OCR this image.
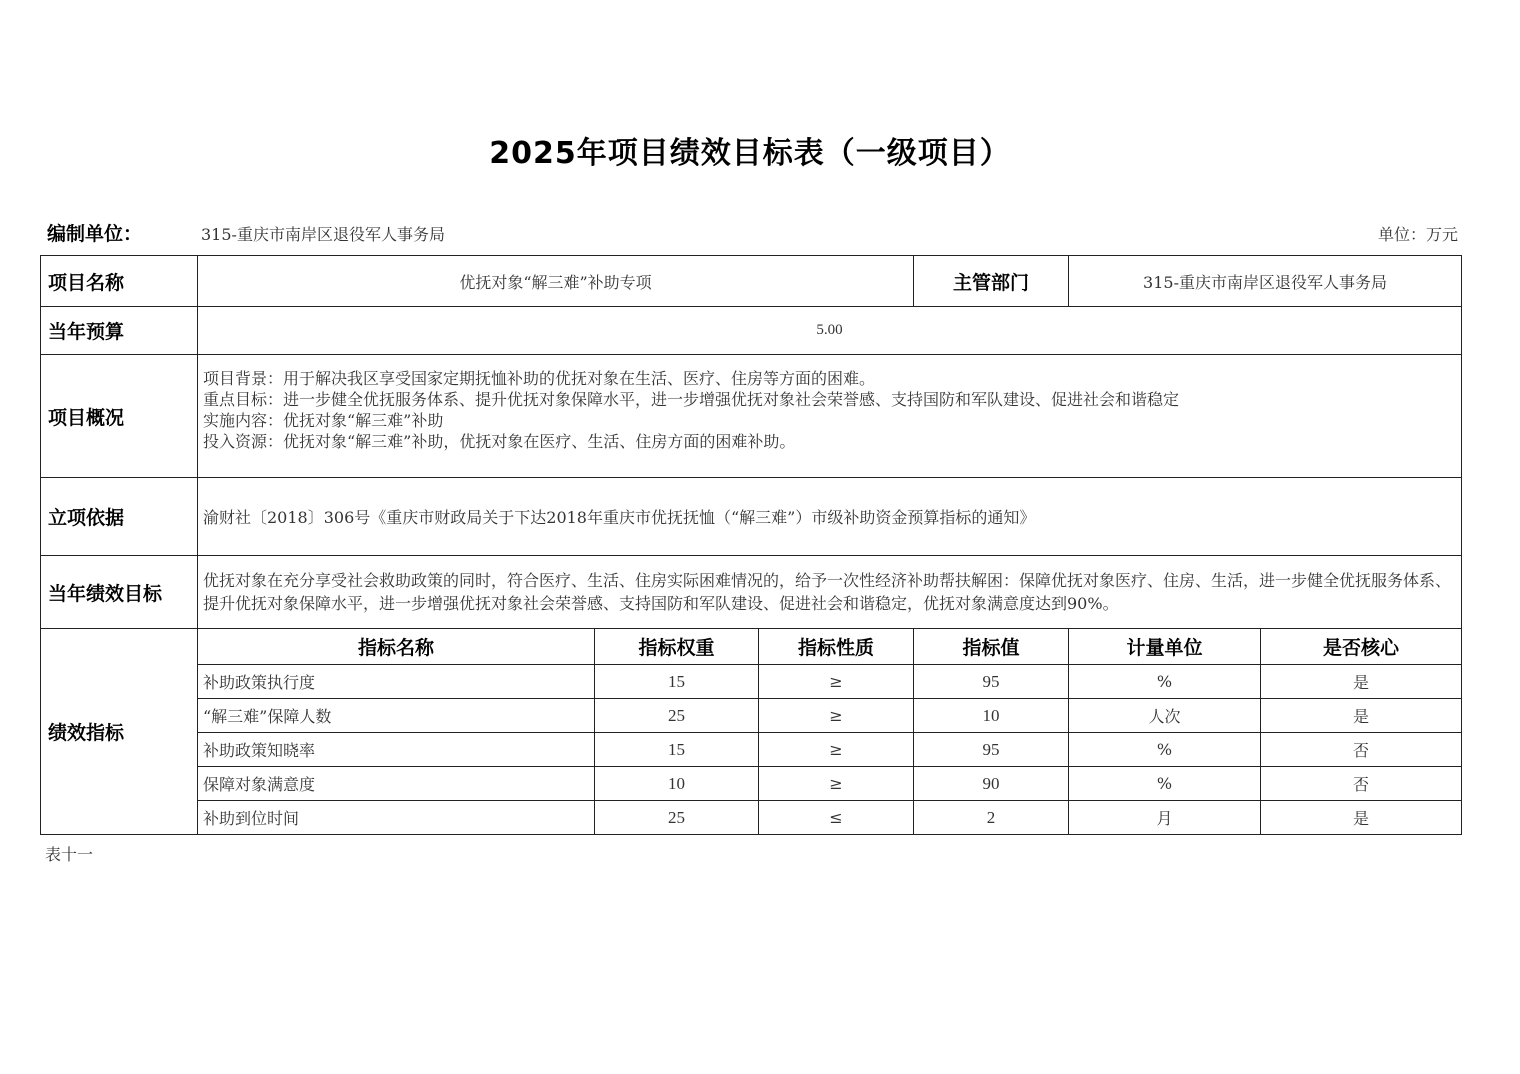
2025年项目绩效目标表（一级项目）
编制单位：	315-重庆市南岸区退役军人事务局	单位：万元
项目名称	优抚对象“解三难”补助专项			主管部门	315-重庆市南岸区退役军人事务局	
当年预算	5.00					
项目概况	项目背景：用于解决我区享受国家定期抚恤补助的优抚对象在生活、医疗、住房等方面的困难。
重点目标：进一步健全优抚服务体系、提升优抚对象保障水平，进一步增强优抚对象社会荣誉感、支持国防和军队建设、促进社会和谐稳定
实施内容：优抚对象“解三难”补助
投入资源：优抚对象“解三难”补助，优抚对象在医疗、生活、住房方面的困难补助。					

立项依据	渝财社〔2018〕306号《重庆市财政局关于下达2018年重庆市优抚抚恤（“解三难”）市级补助资金预算指标的通知》					
当年绩效目标	优抚对象在充分享受社会救助政策的同时，符合医疗、生活、住房实际困难情况的，给予一次性经济补助帮扶解困：保障优抚对象医疗、住房、生活，进一步健全优抚服务体系、提升优抚对象保障水平，进一步增强优抚对象社会荣誉感、支持国防和军队建设、促进社会和谐稳定，优抚对象满意度达到90%。					
绩效指标	指标名称	指标权重	指标性质	指标值	计量单位	是否核心
	补助政策执行度	15	≥	95	%	是
	“解三难”保障人数	25	≥	10	人次	是
	补助政策知晓率	15	≥	95	%	否
	保障对象满意度	10	≥	90	%	否
	补助到位时间	25	≤	2	月	是
表十一
